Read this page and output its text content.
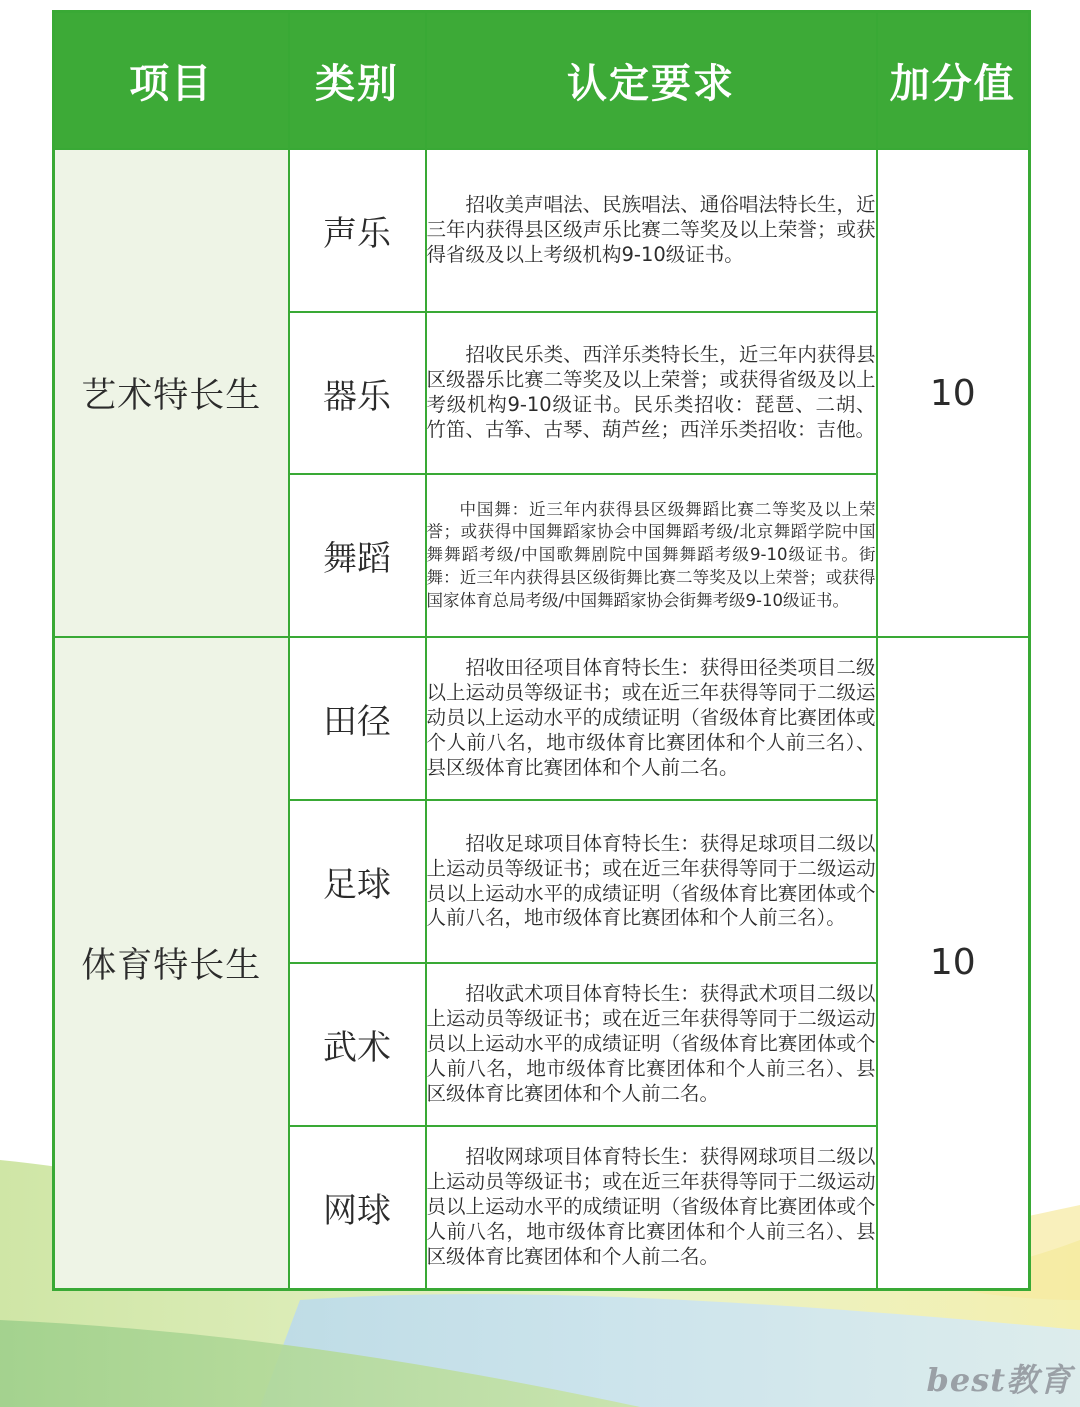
项目	类别	认定要求	加分值
艺术特长生	声乐	招收美声唱法、民族唱法、通俗唱法特长生，近三年内获得县区级声乐比赛二等奖及以上荣誉；或获得省级及以上考级机构9-10级证书。	10
	器乐	招收民乐类、西洋乐类特长生，近三年内获得县区级器乐比赛二等奖及以上荣誉；或获得省级及以上考级机构9-10级证书。民乐类招收：琵琶、二胡、竹笛、古筝、古琴、葫芦丝；西洋乐类招收：吉他。	

	舞蹈	中国舞：近三年内获得县区级舞蹈比赛二等奖及以上荣誉；或获得中国舞蹈家协会中国舞蹈考级/北京舞蹈学院中国舞舞蹈考级/中国歌舞剧院中国舞舞蹈考级9-10级证书。街舞：近三年内获得县区级街舞比赛二等奖及以上荣誉；或获得国家体育总局考级/中国舞蹈家协会街舞考级9-10级证书。	

体育特长生	田径	招收田径项目体育特长生：获得田径类项目二级以上运动员等级证书；或在近三年获得等同于二级运动员以上运动水平的成绩证明（省级体育比赛团体或个人前八名，地市级体育比赛团体和个人前三名）、县区级体育比赛团体和个人前二名。	10
	足球	招收足球项目体育特长生：获得足球项目二级以上运动员等级证书；或在近三年获得等同于二级运动员以上运动水平的成绩证明（省级体育比赛团体或个人前八名，地市级体育比赛团体和个人前三名）。	

	武术	招收武术项目体育特长生：获得武术项目二级以上运动员等级证书；或在近三年获得等同于二级运动员以上运动水平的成绩证明（省级体育比赛团体或个人前八名，地市级体育比赛团体和个人前三名）、县区级体育比赛团体和个人前二名。	

	网球	招收网球项目体育特长生：获得网球项目二级以上运动员等级证书；或在近三年获得等同于二级运动员以上运动水平的成绩证明（省级体育比赛团体或个人前八名，地市级体育比赛团体和个人前三名）、县区级体育比赛团体和个人前二名。	

best教育
